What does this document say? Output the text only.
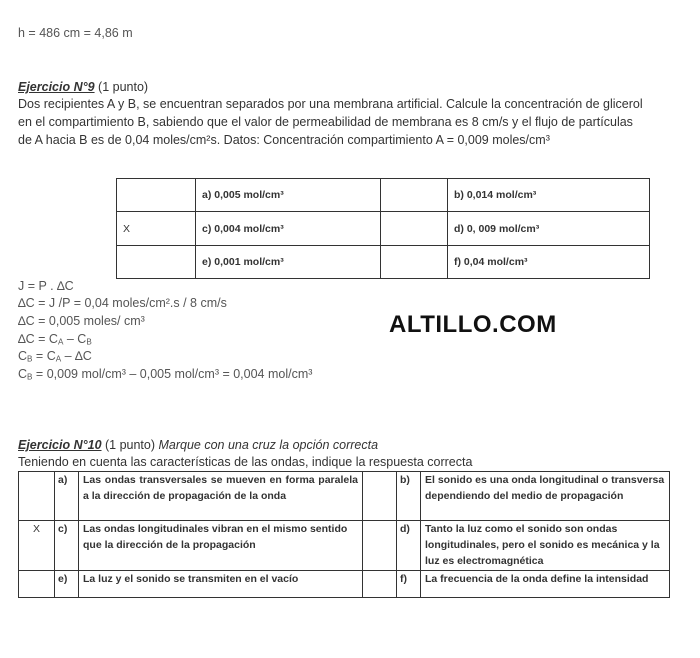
h = 486 cm = 4,86 m
Ejercicio N°9 (1 punto)
Dos recipientes A y B, se encuentran separados por una membrana artificial. Calcule la concentración de glicerol
en el compartimiento B, sabiendo que el valor de permeabilidad de membrana es 8 cm/s y el flujo de partículas
de A hacia B es de 0,04 moles/cm²s. Datos: Concentración compartimiento A = 0,009 moles/cm³
	a) 0,005 mol/cm³		b) 0,014 mol/cm³
X	c) 0,004 mol/cm³		d) 0, 009 mol/cm³
	e) 0,001 mol/cm³		f) 0,04 mol/cm³
J = P . ∆C
∆C = J /P = 0,04 moles/cm².s / 8 cm/s
∆C = 0,005 moles/ cm³
$\Delta C = C_A - C_B$
$C_B = C_A - \Delta C$
$C_B = 0,009$ mol/cm³ – 0,005 mol/cm³ = 0,004 mol/cm³
ALTILLO.COM
Ejercicio N°10 (1 punto) Marque con una cruz la opción correcta
Teniendo en cuenta las características de las ondas, indique la respuesta correcta
	a)	Las ondas transversales se mueven en forma paralela a la dirección de propagación de la onda		b)	El sonido es una onda longitudinal o transversa dependiendo del medio de propagación
X	c)	Las ondas longitudinales vibran en el mismo sentido que la dirección de la propagación		d)	Tanto la luz como el sonido son ondas longitudinales, pero el sonido es mecánica y la luz es electromagnética
	e)	La luz y el sonido se transmiten en el vacío		f)	La frecuencia de la onda define la intensidad
